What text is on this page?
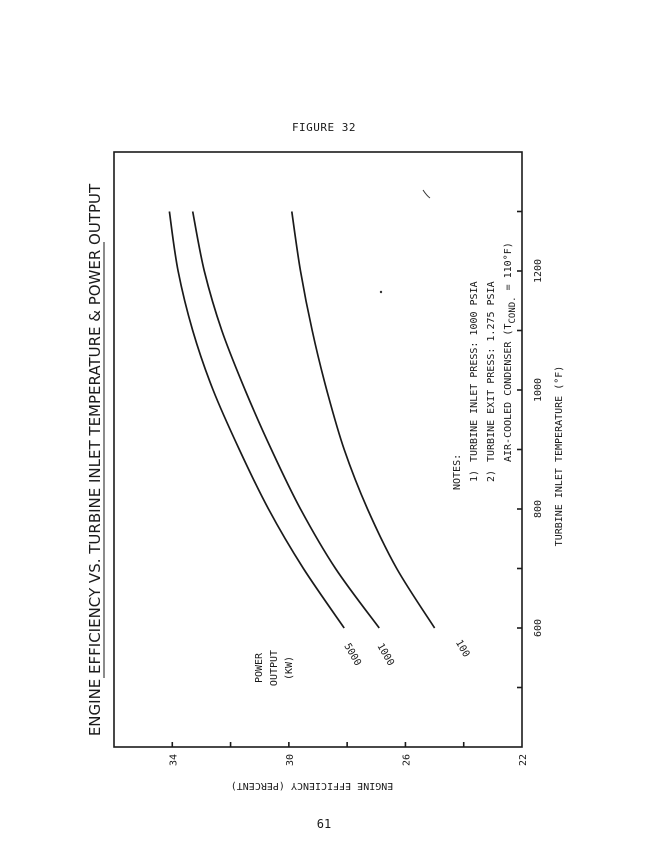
FIGURE 32
600
800
1000
1200
22
26
30
34
ENGINE EFFICIENCY VS. TURBINE INLET TEMPERATURE & POWER OUTPUT	TURBINE INLET TEMPERATURE (°F)
ENGINE EFFICIENCY (PERCENT)
POWER OUTPUT (KW)
5000 1000	100
NOTES: 1)
TURBINE INLET PRESS: 1000 PSIA
2)
TURBINE EXIT PRESS: 1.275 PSIA AIR-COOLED CONDENSER (TCOND. = 110°F)
61
